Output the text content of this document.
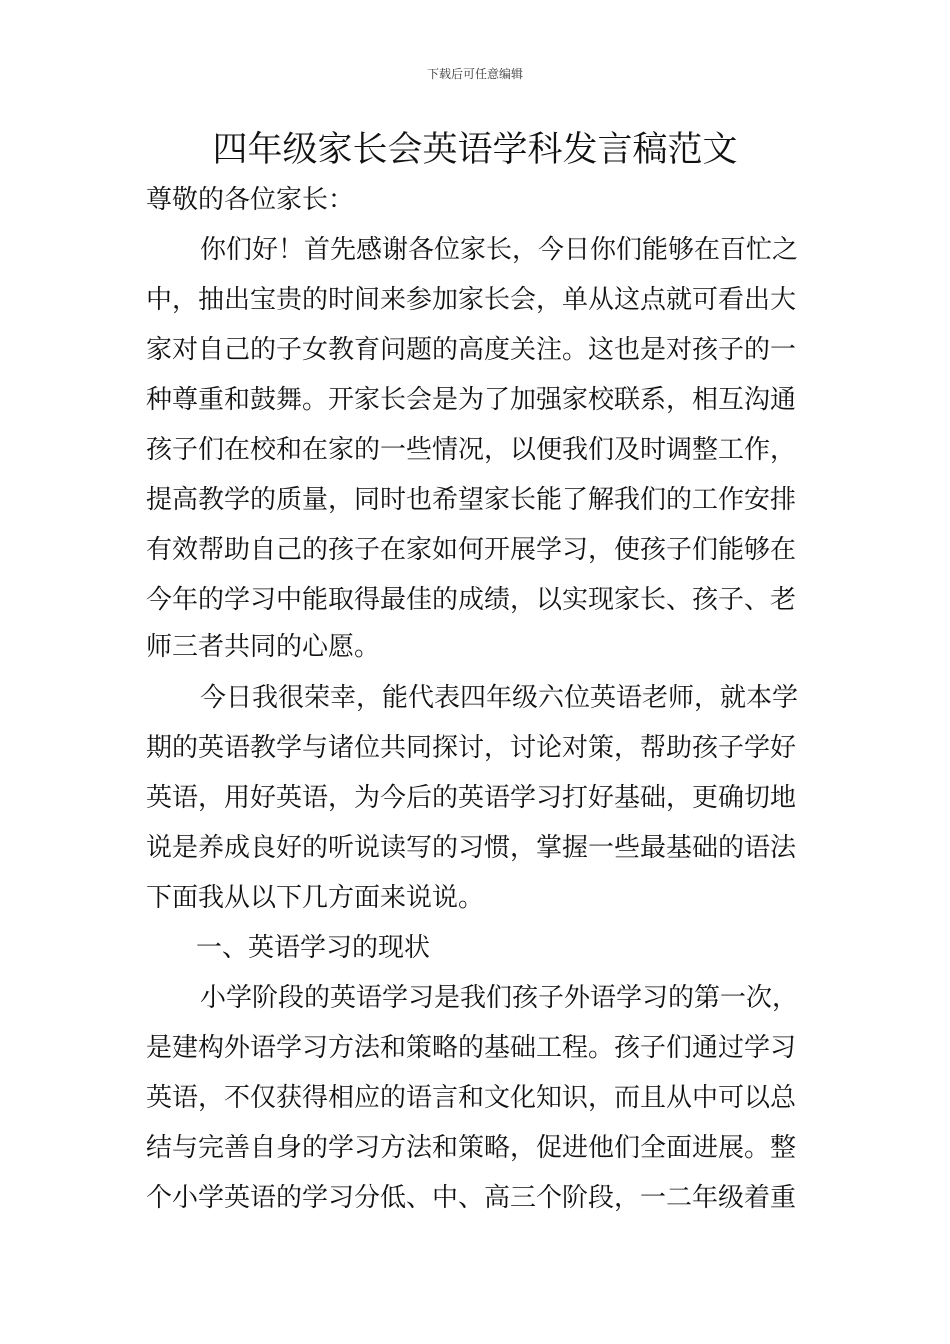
下载后可任意编辑
四年级家长会英语学科发言稿范文
尊敬的各位家长：
你们好！首先感谢各位家长，今日你们能够在百忙之
中，抽出宝贵的时间来参加家长会，单从这点就可看出大
家对自己的子女教育问题的高度关注。这也是对孩子的一
种尊重和鼓舞。开家长会是为了加强家校联系，相互沟通
孩子们在校和在家的一些情况，以便我们及时调整工作，
提高教学的质量，同时也希望家长能了解我们的工作安排
有效帮助自己的孩子在家如何开展学习，使孩子们能够在
今年的学习中能取得最佳的成绩，以实现家长、孩子、老
师三者共同的心愿。
今日我很荣幸，能代表四年级六位英语老师，就本学
期的英语教学与诸位共同探讨，讨论对策，帮助孩子学好
英语，用好英语，为今后的英语学习打好基础，更确切地
说是养成良好的听说读写的习惯，掌握一些最基础的语法
下面我从以下几方面来说说。
一、英语学习的现状
小学阶段的英语学习是我们孩子外语学习的第一次，
是建构外语学习方法和策略的基础工程。孩子们通过学习
英语，不仅获得相应的语言和文化知识，而且从中可以总
结与完善自身的学习方法和策略，促进他们全面进展。整
个小学英语的学习分低、中、高三个阶段，一二年级着重
